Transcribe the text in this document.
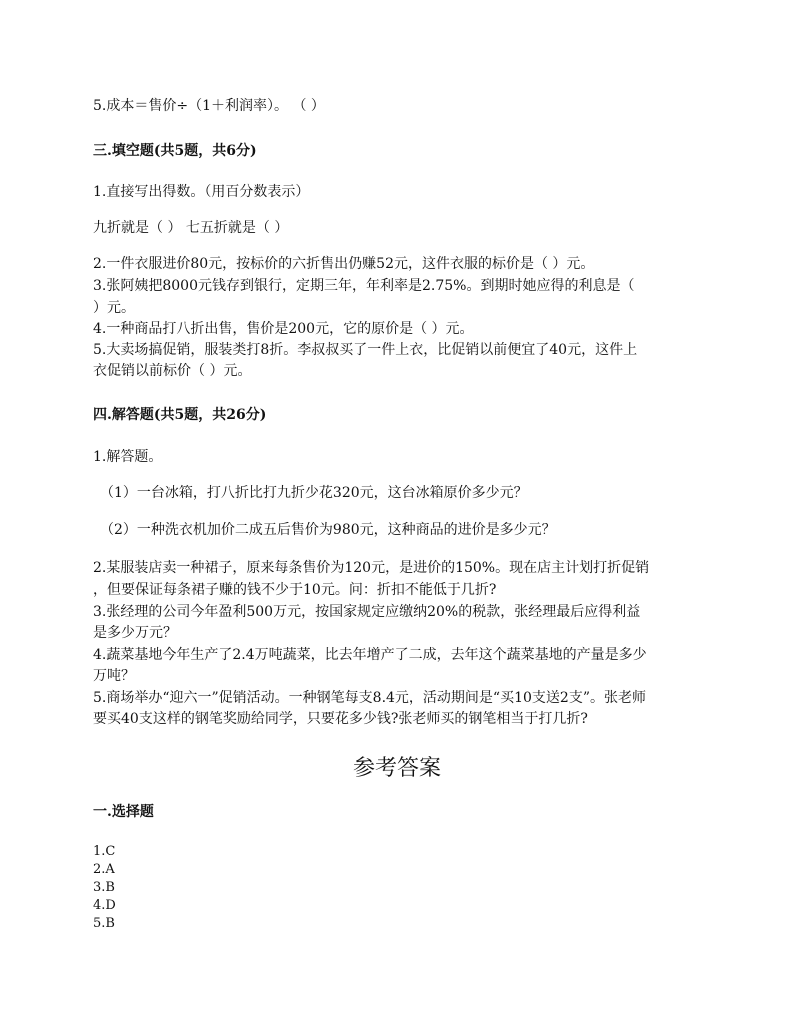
5.成本＝售价÷（1＋利润率）。 （ ）
三.填空题(共5题，共6分)
1.直接写出得数。（用百分数表示）
九折就是（ ） 七五折就是（ ）
2.一件衣服进价80元，按标价的六折售出仍赚52元，这件衣服的标价是（ ）元。
3.张阿姨把8000元钱存到银行，定期三年，年利率是2.75%。到期时她应得的利息是（
）元。
4.一种商品打八折出售，售价是200元，它的原价是（ ）元。
5.大卖场搞促销，服装类打8折。李叔叔买了一件上衣，比促销以前便宜了40元，这件上
衣促销以前标价（ ）元。
四.解答题(共5题，共26分)
1.解答题。
（1）一台冰箱，打八折比打九折少花320元，这台冰箱原价多少元？
（2）一种洗衣机加价二成五后售价为980元，这种商品的进价是多少元？
2.某服装店卖一种裙子，原来每条售价为120元，是进价的150%。现在店主计划打折促销
，但要保证每条裙子赚的钱不少于10元。问：折扣不能低于几折?
3.张经理的公司今年盈利500万元，按国家规定应缴纳20%的税款，张经理最后应得利益
是多少万元？
4.蔬菜基地今年生产了2.4万吨蔬菜，比去年增产了二成，去年这个蔬菜基地的产量是多少
万吨？
5.商场举办“迎六一”促销活动。一种钢笔每支8.4元，活动期间是“买10支送2支”。张老师
要买40支这样的钢笔奖励给同学，只要花多少钱?张老师买的钢笔相当于打几折?
参考答案
一.选择题
1.C
2.A
3.B
4.D
5.B
